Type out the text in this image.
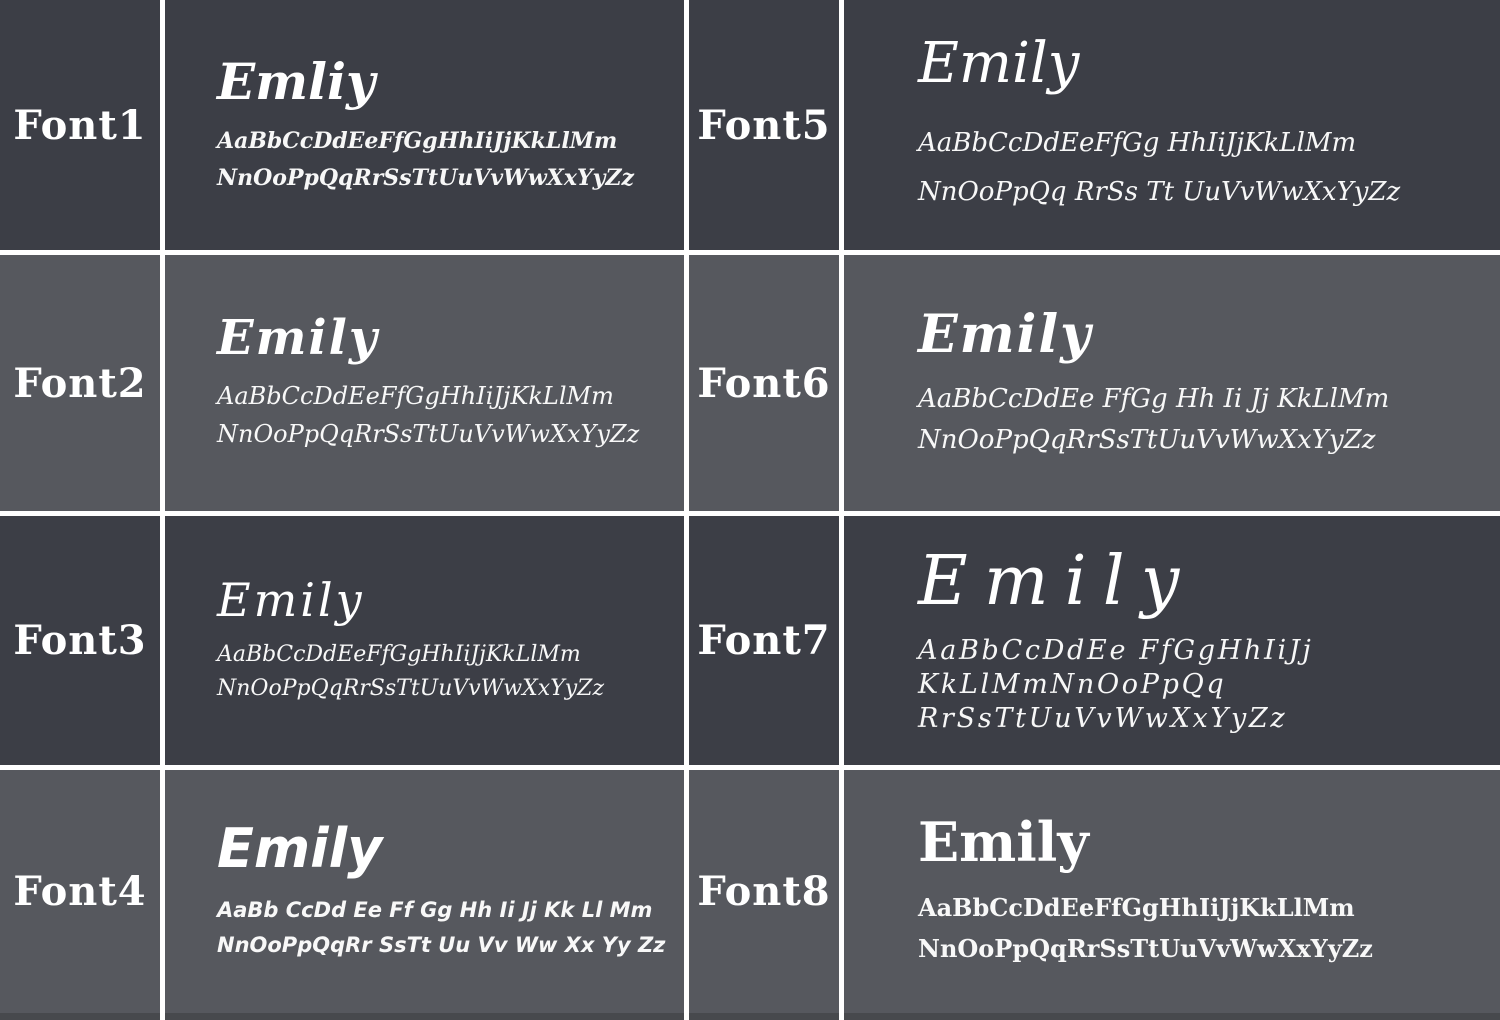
Font1
Emliy
AaBbCcDdEeFfGgHhIiJjKkLlMm
NnOoPpQqRrSsTtUuVvWwXxYyZz
Font5
Emily
AaBbCcDdEeFfGg HhIiJjKkLlMm
NnOoPpQq RrSs Tt UuVvWwXxYyZz
Font2
Emily
AaBbCcDdEeFfGgHhIiJjKkLlMm
NnOoPpQqRrSsTtUuVvWwXxYyZz
Font6
Emily
AaBbCcDdEe FfGg Hh Ii Jj KkLlMm
NnOoPpQqRrSsTtUuVvWwXxYyZz
Font3
Emily
AaBbCcDdEeFfGgHhIiJjKkLlMm
NnOoPpQqRrSsTtUuVvWwXxYyZz
Font7
Emily
AaBbCcDdEe FfGgHhIiJj
KkLlMmNnOoPpQq
RrSsTtUuVvWwXxYyZz
Font4
Emily
AaBb CcDd Ee Ff Gg Hh Ii Jj Kk Ll Mm
NnOoPpQqRr SsTt Uu Vv Ww Xx Yy Zz
Font8
Emily
AaBbCcDdEeFfGgHhIiJjKkLlMm
NnOoPpQqRrSsTtUuVvWwXxYyZz
